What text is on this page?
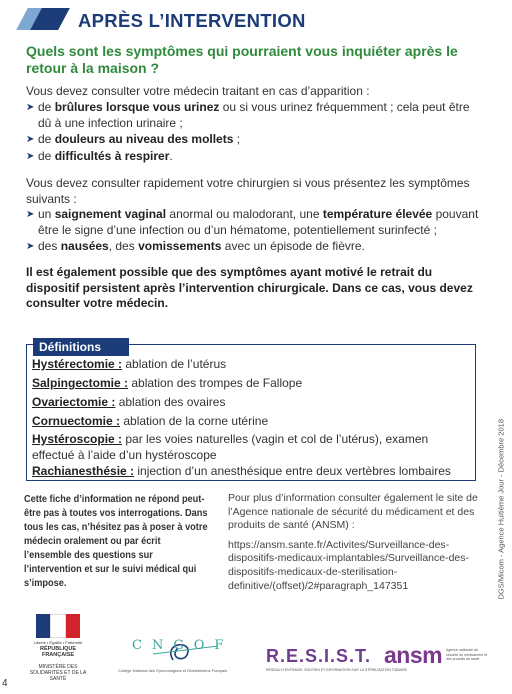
APRÈS L’INTERVENTION
Quels sont les symptômes qui pourraient vous inquiéter après le retour à la maison ?
Vous devez consulter votre médecin traitant en cas d’apparition :
➤ de brûlures lorsque vous urinez ou si vous urinez fréquemment ; cela peut être dû à une infection urinaire ;
➤ de douleurs au niveau des mollets ;
➤ de difficultés à respirer.
Vous devez consulter rapidement votre chirurgien si vous présentez les symptômes suivants :
➤ un saignement vaginal anormal ou malodorant, une température élevée pouvant être le signe d’une infection ou d’un hématome, potentiellement surinfecté ;
➤ des nausées, des vomissements avec un épisode de fièvre.
Il est également possible que des symptômes ayant motivé le retrait du dispositif persistent après l’intervention chirurgicale. Dans ce cas, vous devez consulter votre médecin.
Définitions
Hystérectomie : ablation de l’utérus
Salpingectomie : ablation des trompes de Fallope
Ovariectomie : ablation des ovaires
Cornuectomie : ablation de la corne utérine
Hystéroscopie : par les voies naturelles (vagin et col de l’utérus), examen effectué à l’aide d’un hystéroscope
Rachianesthésie : injection d’un anesthésique entre deux vertèbres lombaires	DGS/Micom - Agence Huitième Jour - Décembre 2018
Cette fiche d’information ne répond peut-être pas à toutes vos interrogations. Dans tous les cas, n’hésitez pas à poser à votre médecin oralement ou par écrit l’ensemble des questions sur l’intervention et sur le suivi médical qui s’impose.
Pour plus d’information consulter également le site de l’Agence nationale de sécurité du médicament et des produits de santé (ANSM) :
https://ansm.sante.fr/Activites/Surveillance-des-dispositifs-medicaux-implantables/Surveillance-des-dispositifs-medicaux-de-sterilisation-definitive/(offset)/2#paragraph_147351
Liberté • Égalité • Fraternité
RÉPUBLIQUE FRANÇAISE
MINISTÈRE DES SOLIDARITÉS ET DE LA SANTÉ
CNGOF
Collège National des Gynécologues et Obstétriciens Français
R.E.S.I.S.T.
RÉSEAU D’ENTRAIDE, SOUTIEN ET INFORMATION SUR LA STÉRILISATION TUBAIRE
ansm Agence nationale de sécurité du médicament et des produits de santé
4
